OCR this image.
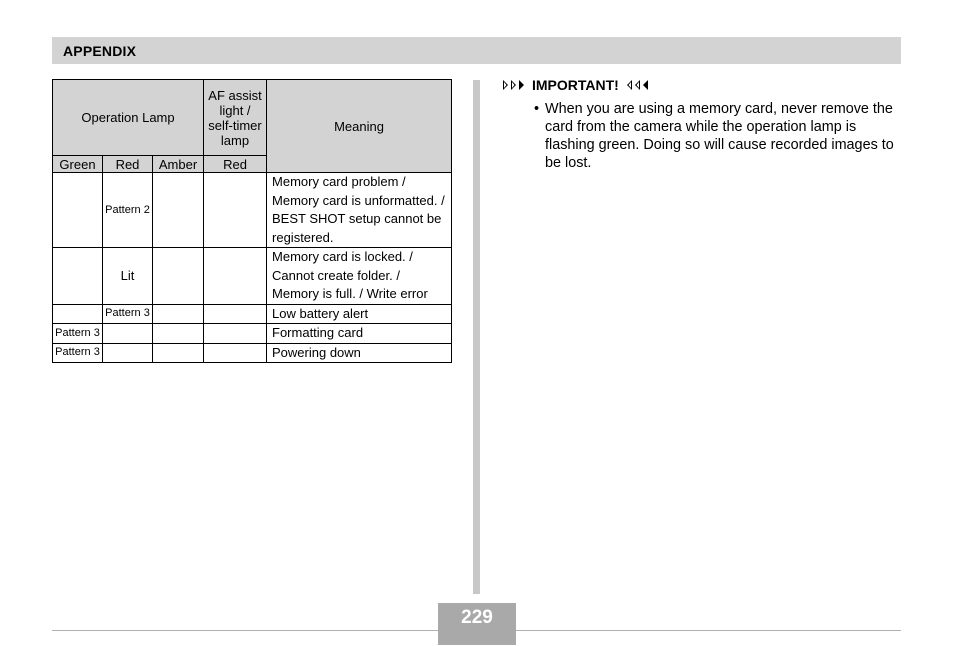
APPENDIX
Operation Lamp			AF assist light / self-timer lamp	Meaning
Green	Red	Amber	Red	
	Pattern 2			Memory card problem / Memory card is unformatted. / BEST SHOT setup cannot be registered.
	Lit			Memory card is locked. / Cannot create folder. / Memory is full. / Write error
	Pattern 3			Low battery alert
Pattern 3				Formatting card
Pattern 3				Powering down
IMPORTANT!
• When you are using a memory card, never remove the card from the camera while the operation lamp is flashing green. Doing so will cause recorded images to be lost.
229
